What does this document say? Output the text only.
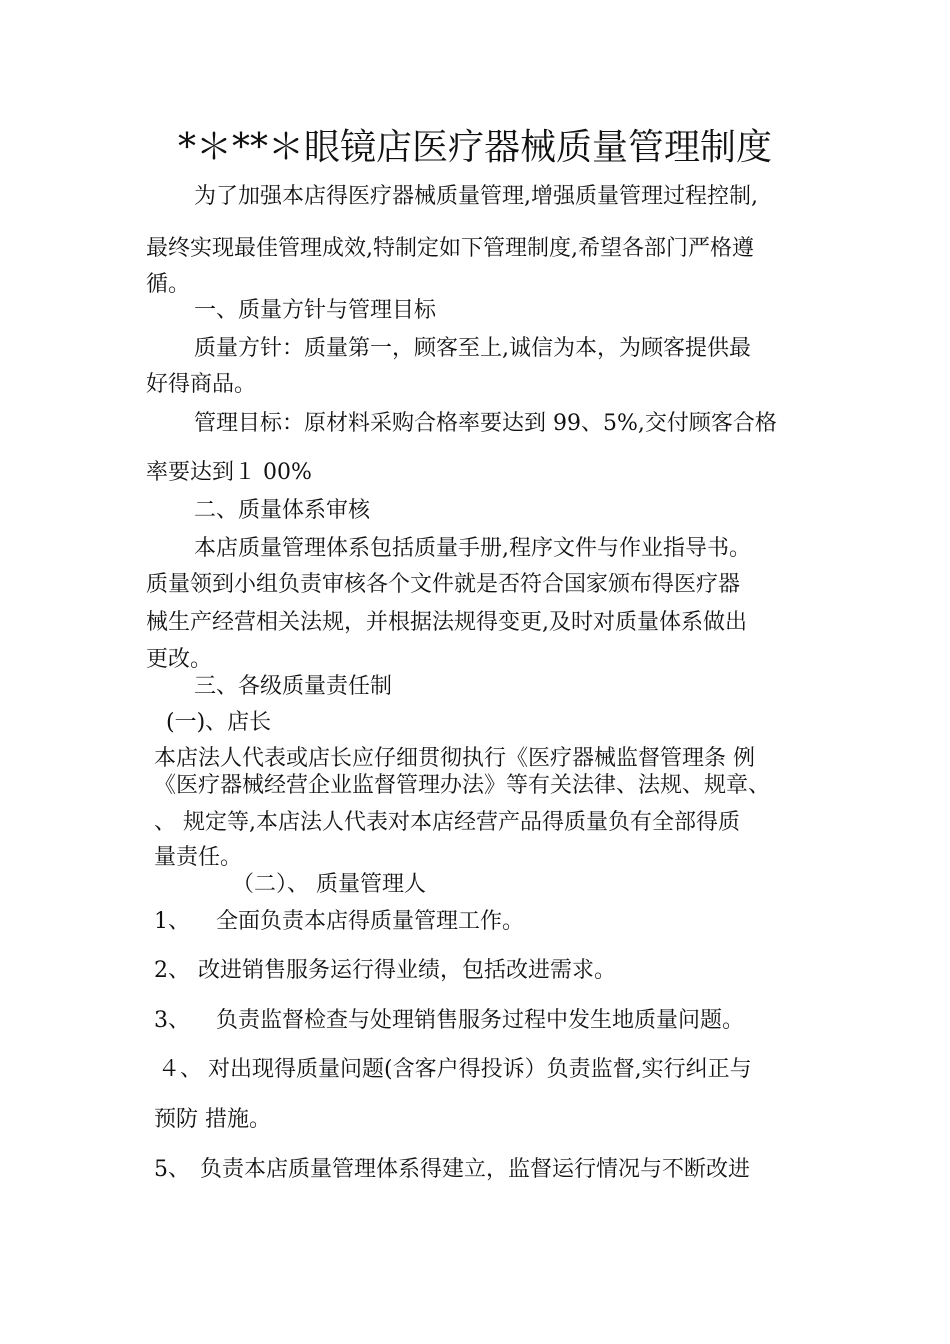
*＊**＊眼镜店医疗器械质量管理制度
为了加强本店得医疗器械质量管理,增强质量管理过程控制,
最终实现最佳管理成效,特制定如下管理制度,希望各部门严格遵
循。
一、质量方针与管理目标
质量方针：质量第一，顾客至上,诚信为本，为顾客提供最
好得商品。
管理目标：原材料采购合格率要达到 99、5%,交付顾客合格
率要达到１ 00%
二、质量体系审核
本店质量管理体系包括质量手册,程序文件与作业指导书。
质量领到小组负责审核各个文件就是否符合国家颁布得医疗器
械生产经营相关法规，并根据法规得变更,及时对质量体系做出
更改。
三、各级质量责任制
(一)、店长
本店法人代表或店长应仔细贯彻执行《医疗器械监督管理条 例
《医疗器械经营企业监督管理办法》等有关法律、法规、规章、
、 规定等,本店法人代表对本店经营产品得质量负有全部得质
量责任。
（二）、 质量管理人
1、 全面负责本店得质量管理工作。
2、 改进销售服务运行得业绩，包括改进需求。
3、 负责监督检查与处理销售服务过程中发生地质量问题。
４、 对出现得质量问题(含客户得投诉）负责监督,实行纠正与
预防 措施。
5、 负责本店质量管理体系得建立，监督运行情况与不断改进
